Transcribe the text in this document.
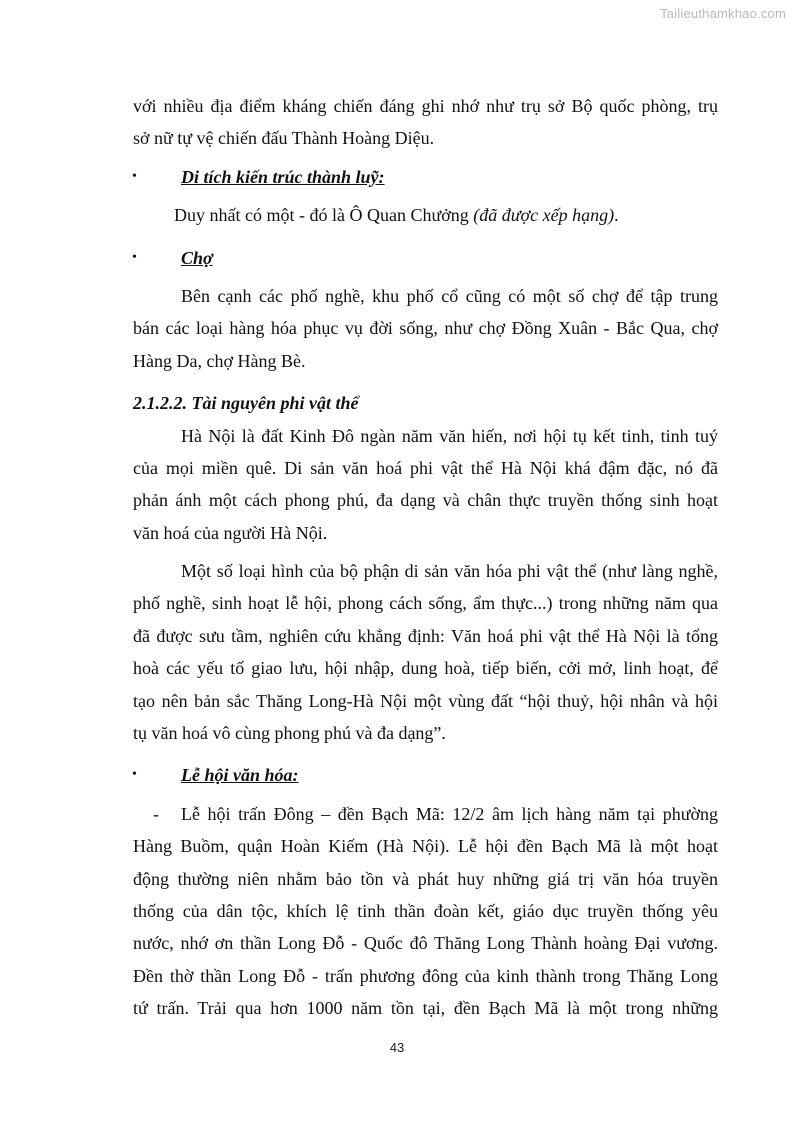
Tailieuthamkhao.com
với nhiều địa điểm kháng chiến đáng ghi nhớ như trụ sở Bộ quốc phòng, trụ
sở nữ tự vệ chiến đấu Thành Hoàng Diệu.
• Di tích kiến trúc thành luỹ:
Duy nhất có một - đó là Ô Quan Chưởng (đã được xếp hạng).
• Chợ
Bên cạnh các phố nghề, khu phố cổ cũng có một số chợ để tập trung
bán các loại hàng hóa phục vụ đời sống, như chợ Đồng Xuân - Bắc Qua, chợ
Hàng Da, chợ Hàng Bè.
2.1.2.2. Tài nguyên phi vật thể
Hà Nội là đất Kinh Đô ngàn năm văn hiến, nơi hội tụ kết tinh, tinh tuý
của mọi miền quê. Di sản văn hoá phi vật thể Hà Nội khá đậm đặc, nó đã
phản ánh một cách phong phú, đa dạng và chân thực truyền thống sinh hoạt
văn hoá của người Hà Nội.
Một số loại hình của bộ phận di sản văn hóa phi vật thể (như làng nghề,
phố nghề, sinh hoạt lễ hội, phong cách sống, ẩm thực...) trong những năm qua
đã được sưu tầm, nghiên cứu khẳng định: Văn hoá phi vật thể Hà Nội là tổng
hoà các yếu tố giao lưu, hội nhập, dung hoà, tiếp biến, cởi mở, linh hoạt, để
tạo nên bản sắc Thăng Long-Hà Nội một vùng đất “hội thuỷ, hội nhân và hội
tụ văn hoá vô cùng phong phú và đa dạng”.
• Lễ hội văn hóa:
- Lễ hội trấn Đông – đền Bạch Mã: 12/2 âm lịch hàng năm tại phường
Hàng Buồm, quận Hoàn Kiếm (Hà Nội). Lễ hội đền Bạch Mã là một hoạt
động thường niên nhằm bảo tồn và phát huy những giá trị văn hóa truyền
thống của dân tộc, khích lệ tinh thần đoàn kết, giáo dục truyền thống yêu
nước, nhớ ơn thần Long Đỗ - Quốc đô Thăng Long Thành hoàng Đại vương.
Đền thờ thần Long Đỗ - trấn phương đông của kinh thành trong Thăng Long
tứ trấn. Trải qua hơn 1000 năm tồn tại, đền Bạch Mã là một trong những
43
